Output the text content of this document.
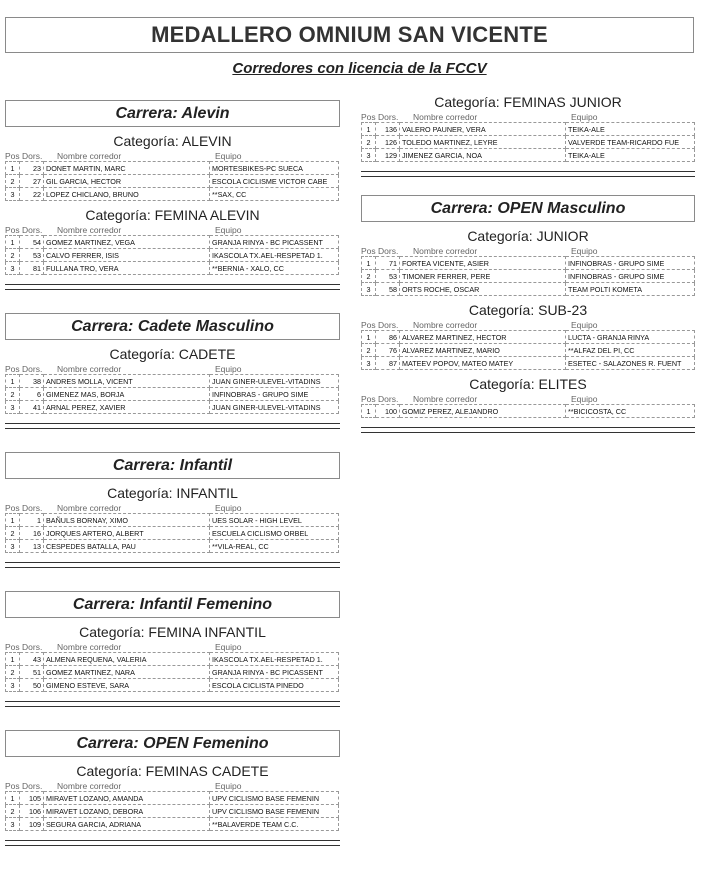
MEDALLERO OMNIUM SAN VICENTE
Corredores con licencia de la FCCV
Carrera: Alevin
Categoría: ALEVIN
Pos Dors. Nombre corredor	Equipo
1	23	DONET MARTIN, MARC	MORTESBIKES-PC SUECA
2	27	GIL GARCIA, HECTOR	ESCOLA CICLISME VICTOR CABE
3	22	LOPEZ CHICLANO, BRUNO	**SAX, CC
Categoría: FEMINA ALEVIN
Pos Dors. Nombre corredor	Equipo
1	54	GOMEZ MARTINEZ, VEGA	GRANJA RINYA - BC PICASSENT
2	53	CALVO FERRER, ISIS	IKASCOLA TX.AEL-RESPETAD 1.
3	81	FULLANA TRO, VERA	**BERNIA - XALO, CC
Carrera: Cadete Masculino
Categoría: CADETE
Pos Dors. Nombre corredor	Equipo
1	38	ANDRES MOLLA, VICENT	JUAN GINER-ULEVEL-VITADINS
2	6	GIMENEZ MAS, BORJA	INFINOBRAS - GRUPO SIME
3	41	ARNAL PEREZ, XAVIER	JUAN GINER-ULEVEL-VITADINS
Carrera: Infantil
Categoría: INFANTIL
Pos Dors. Nombre corredor	Equipo
1	1	BAÑULS BORNAY, XIMO	UES SOLAR - HIGH LEVEL
2	16	JORQUES ARTERO, ALBERT	ESCUELA CICLISMO ORBEL
3	13	CESPEDES BATALLA, PAU	**VILA-REAL, CC
Carrera: Infantil Femenino
Categoría: FEMINA INFANTIL
Pos Dors. Nombre corredor	Equipo
1	43	ALMENA REQUENA, VALERIA	IKASCOLA TX.AEL-RESPETAD 1.
2	51	GOMEZ MARTINEZ, NARA	GRANJA RINYA - BC PICASSENT
3	50	GIMENO ESTEVE, SARA	ESCOLA CICLISTA PINEDO
Carrera: OPEN Femenino
Categoría: FEMINAS CADETE
Pos Dors. Nombre corredor	Equipo
1	105	MIRAVET LOZANO, AMANDA	UPV CICLISMO BASE FEMENIN
2	106	MIRAVET LOZANO, DEBORA	UPV CICLISMO BASE FEMENIN
3	109	SEGURA GARCIA, ADRIANA	**BALAVERDE TEAM C.C.
Categoría: FEMINAS JUNIOR
Pos Dors. Nombre corredor	Equipo
1	136	VALERO PAUNER, VERA	TEIKA-ALE
2	126	TOLEDO MARTINEZ, LEYRE	VALVERDE TEAM-RICARDO FUE
3	129	JIMENEZ GARCIA, NOA	TEIKA-ALE
Carrera: OPEN Masculino
Categoría: JUNIOR
Pos Dors. Nombre corredor	Equipo
1	71	FORTEA VICENTE, ASIER	INFINOBRAS - GRUPO SIME
2	53	TIMONER FERRER, PERE	INFINOBRAS - GRUPO SIME
3	58	ORTS ROCHE, OSCAR	TEAM POLTI KOMETA
Categoría: SUB-23
Pos Dors. Nombre corredor	Equipo
1	86	ALVAREZ MARTINEZ, HECTOR	LUCTA - GRANJA RINYA
2	76	ALVAREZ MARTINEZ, MARIO	**ALFAZ DEL PI, CC
3	87	MATEEV POPOV, MATEO MATEY	ESETEC - SALAZONES R. FUENT
Categoría: ELITES
Pos Dors. Nombre corredor	Equipo
1	100	GOMIZ PEREZ, ALEJANDRO	**BICICOSTA, CC
